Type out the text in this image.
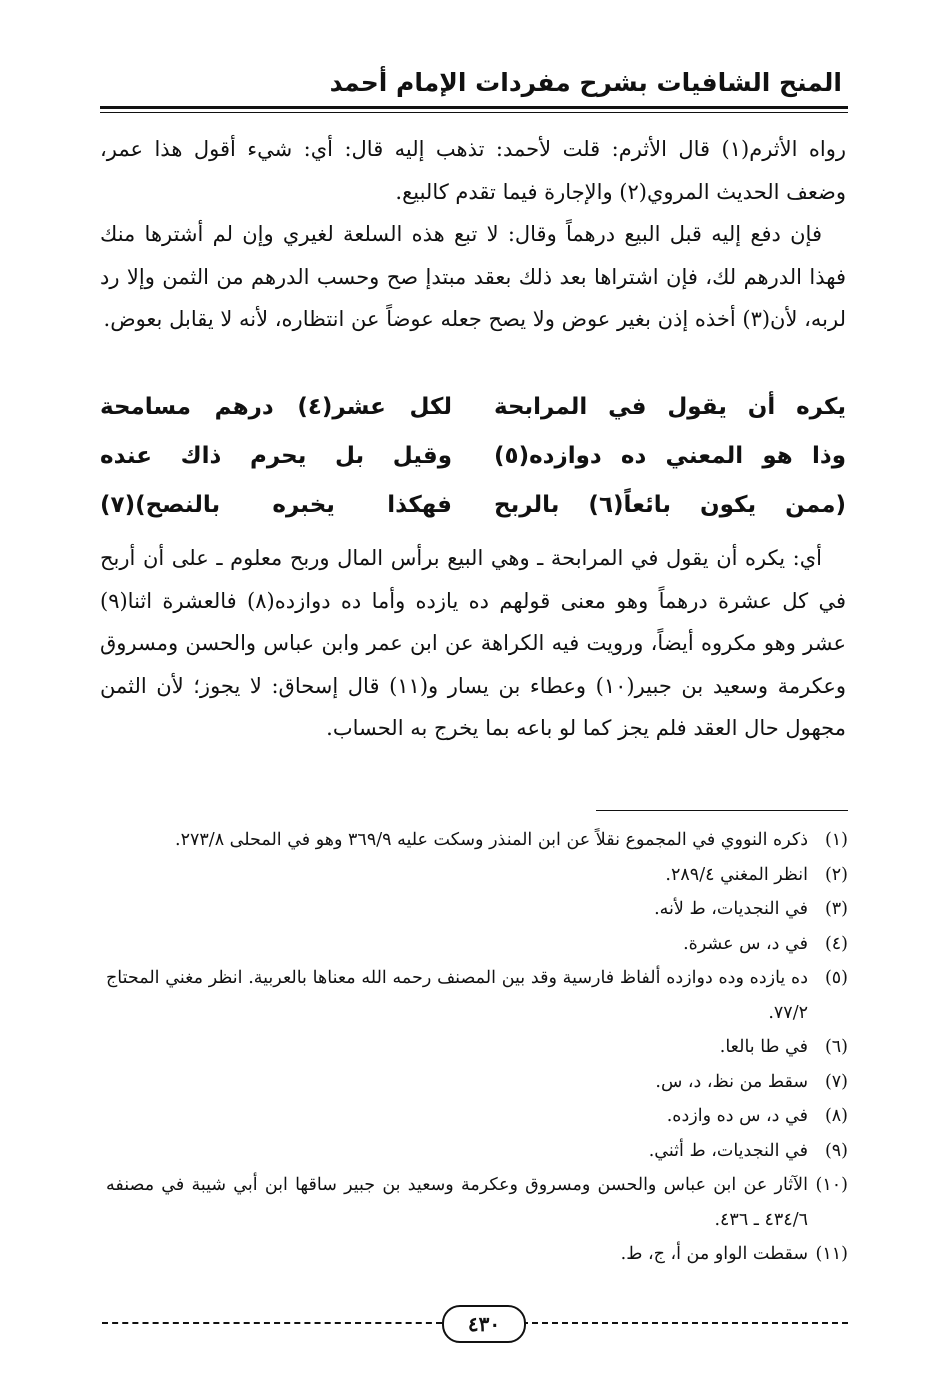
المنح الشافيات بشرح مفردات الإمام أحمد

رواه الأثرم(١) قال الأثرم: قلت لأحمد: تذهب إليه قال: أي: شيء أقول هذا عمر، وضعف الحديث المروي(٢) والإجارة فيما تقدم كالبيع.

فإن دفع إليه قبل البيع درهماً وقال: لا تبع هذه السلعة لغيري وإن لم أشترها منك فهذا الدرهم لك، فإن اشتراها بعد ذلك بعقد مبتدإ صح وحسب الدرهم من الثمن وإلا رد لربه، لأن(٣) أخذه إذن بغير عوض ولا يصح جعله عوضاً عن انتظاره، لأنه لا يقابل بعوض.

يكره أن يقول في المرابحة
لكل عشر(٤) درهم مسامحة
وذا هو المعني ده دوازده(٥)
وقيل بل يحرم ذاك عنده
(ممن يكون بائعاً(٦) بالربح
فهكذا يخبره بالنصح)(٧)

أي: يكره أن يقول في المرابحة ـ وهي البيع برأس المال وربح معلوم ـ على أن أربح في كل عشرة درهماً وهو معنى قولهم ده يازده وأما ده دوازده(٨) فالعشرة اثنا(٩) عشر وهو مكروه أيضاً، ورويت فيه الكراهة عن ابن عمر وابن عباس والحسن ومسروق وعكرمة وسعيد بن جبير(١٠) وعطاء بن يسار و(١١) قال إسحاق: لا يجوز؛ لأن الثمن مجهول حال العقد فلم يجز كما لو باعه بما يخرج به الحساب.

(١)
ذكره النووي في المجموع نقلاً عن ابن المنذر وسكت عليه ٣٦٩/٩ وهو في المحلى ٢٧٣/٨.
(٢)
انظر المغني ٢٨٩/٤.
(٣)
في النجديات، ط لأنه.
(٤)
في د، س عشرة.
(٥)
ده يازده وده دوازده ألفاظ فارسية وقد بين المصنف رحمه الله معناها بالعربية. انظر مغني المحتاج ٧٧/٢.
(٦)
في طا بالعا.
(٧)
سقط من نظ، د، س.
(٨)
في د، س ده وازده.
(٩)
في النجديات، ط أثني.
(١٠)
الآثار عن ابن عباس والحسن ومسروق وعكرمة وسعيد بن جبير ساقها ابن أبي شيبة في مصنفه ٤٣٤/٦ ـ ٤٣٦.
(١١)
سقطت الواو من أ، ج، ط.
٤٣٠
